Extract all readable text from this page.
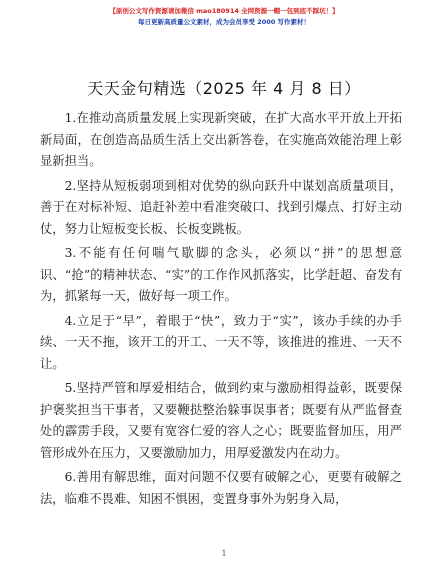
【原创公文写作资源请加微信 mao180914 全网资源一帽一包到底不踩坑！】
每日更新高质量公文素材，成为会员享受 2000 写作素材！
天天金句精选（2025 年 4 月 8 日）

1.在推动高质量发展上实现新突破，在扩大高水平开放上开拓新局面，在创造高品质生活上交出新答卷，在实施高效能治理上彰显新担当。

2.坚持从短板弱项到相对优势的纵向跃升中谋划高质量项目，善于在对标补短、追赶补差中看准突破口、找到引爆点、打好主动仗，努力让短板变长板、长板变跳板。

3.不能有任何喘气歇脚的念头，必须以“拼”的思想意识、“抢”的精神状态、“实”的工作作风抓落实，比学赶超、奋发有为，抓紧每一天，做好每一项工作。

4.立足于“早”，着眼于“快”，致力于“实”，该办手续的办手续、一天不拖，该开工的开工、一天不等，该推进的推进、一天不让。

5.坚持严管和厚爱相结合，做到约束与激励相得益彰，既要保护褒奖担当干事者，又要鞭挞整治躲事误事者；既要有从严监督查处的霹雳手段，又要有宽容仁爱的容人之心；既要监督加压，用严管形成外在压力，又要激励加力，用厚爱激发内在动力。

6.善用有解思维，面对问题不仅要有破解之心，更要有破解之法，临难不畏难、知困不惧困，变置身事外为躬身入局，

1
